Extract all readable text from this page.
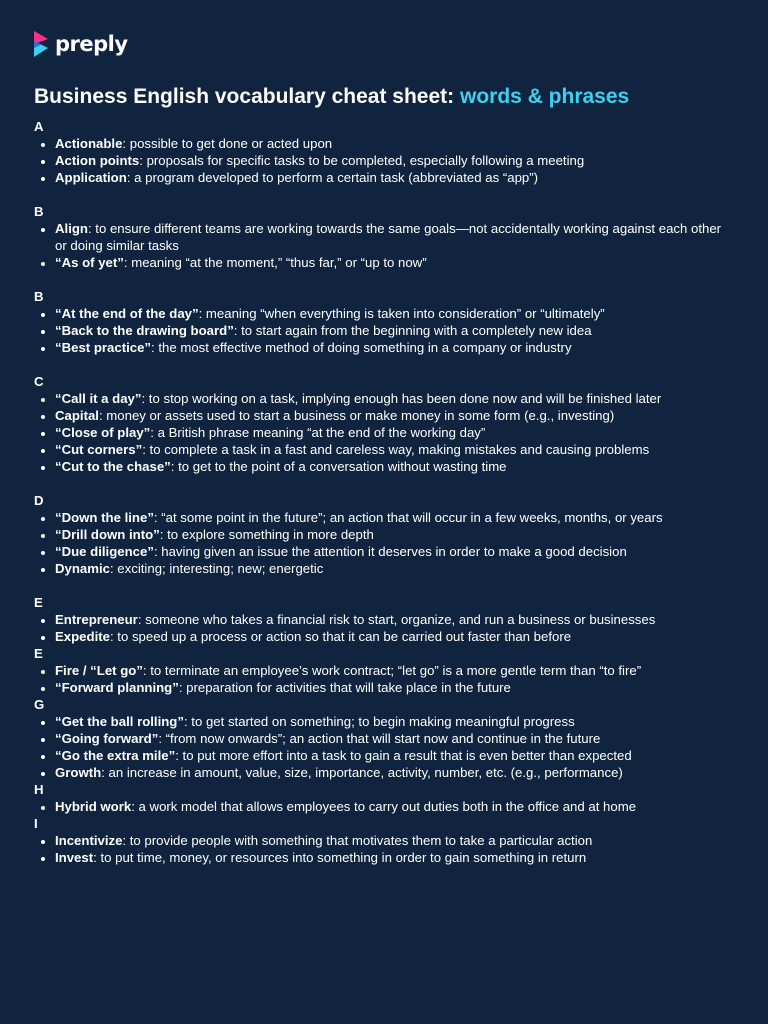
preply
Business English vocabulary cheat sheet: words & phrases
A
• Actionable: possible to get done or acted upon
• Action points: proposals for specific tasks to be completed, especially following a meeting
• Application: a program developed to perform a certain task (abbreviated as “app”)
B
• Align: to ensure different teams are working towards the same goals—not accidentally working against each other or doing similar tasks
• “As of yet”: meaning “at the moment,” “thus far,” or “up to now”
B
• “At the end of the day”: meaning “when everything is taken into consideration” or “ultimately”
• “Back to the drawing board”: to start again from the beginning with a completely new idea
• “Best practice”: the most effective method of doing something in a company or industry
C
• “Call it a day”: to stop working on a task, implying enough has been done now and will be finished later
• Capital: money or assets used to start a business or make money in some form (e.g., investing)
• “Close of play”: a British phrase meaning “at the end of the working day”
• “Cut corners”: to complete a task in a fast and careless way, making mistakes and causing problems
• “Cut to the chase”: to get to the point of a conversation without wasting time
D
• “Down the line”: “at some point in the future”; an action that will occur in a few weeks, months, or years
• “Drill down into”: to explore something in more depth
• “Due diligence”: having given an issue the attention it deserves in order to make a good decision
• Dynamic: exciting; interesting; new; energetic
E
• Entrepreneur: someone who takes a financial risk to start, organize, and run a business or businesses
• Expedite: to speed up a process or action so that it can be carried out faster than before
E
• Fire / “Let go”: to terminate an employee’s work contract; “let go” is a more gentle term than “to fire”
• “Forward planning”: preparation for activities that will take place in the future
G
• “Get the ball rolling”: to get started on something; to begin making meaningful progress
• “Going forward”: “from now onwards”; an action that will start now and continue in the future
• “Go the extra mile”: to put more effort into a task to gain a result that is even better than expected
• Growth: an increase in amount, value, size, importance, activity, number, etc. (e.g., performance)
H
• Hybrid work: a work model that allows employees to carry out duties both in the office and at home
I
• Incentivize: to provide people with something that motivates them to take a particular action
• Invest: to put time, money, or resources into something in order to gain something in return
